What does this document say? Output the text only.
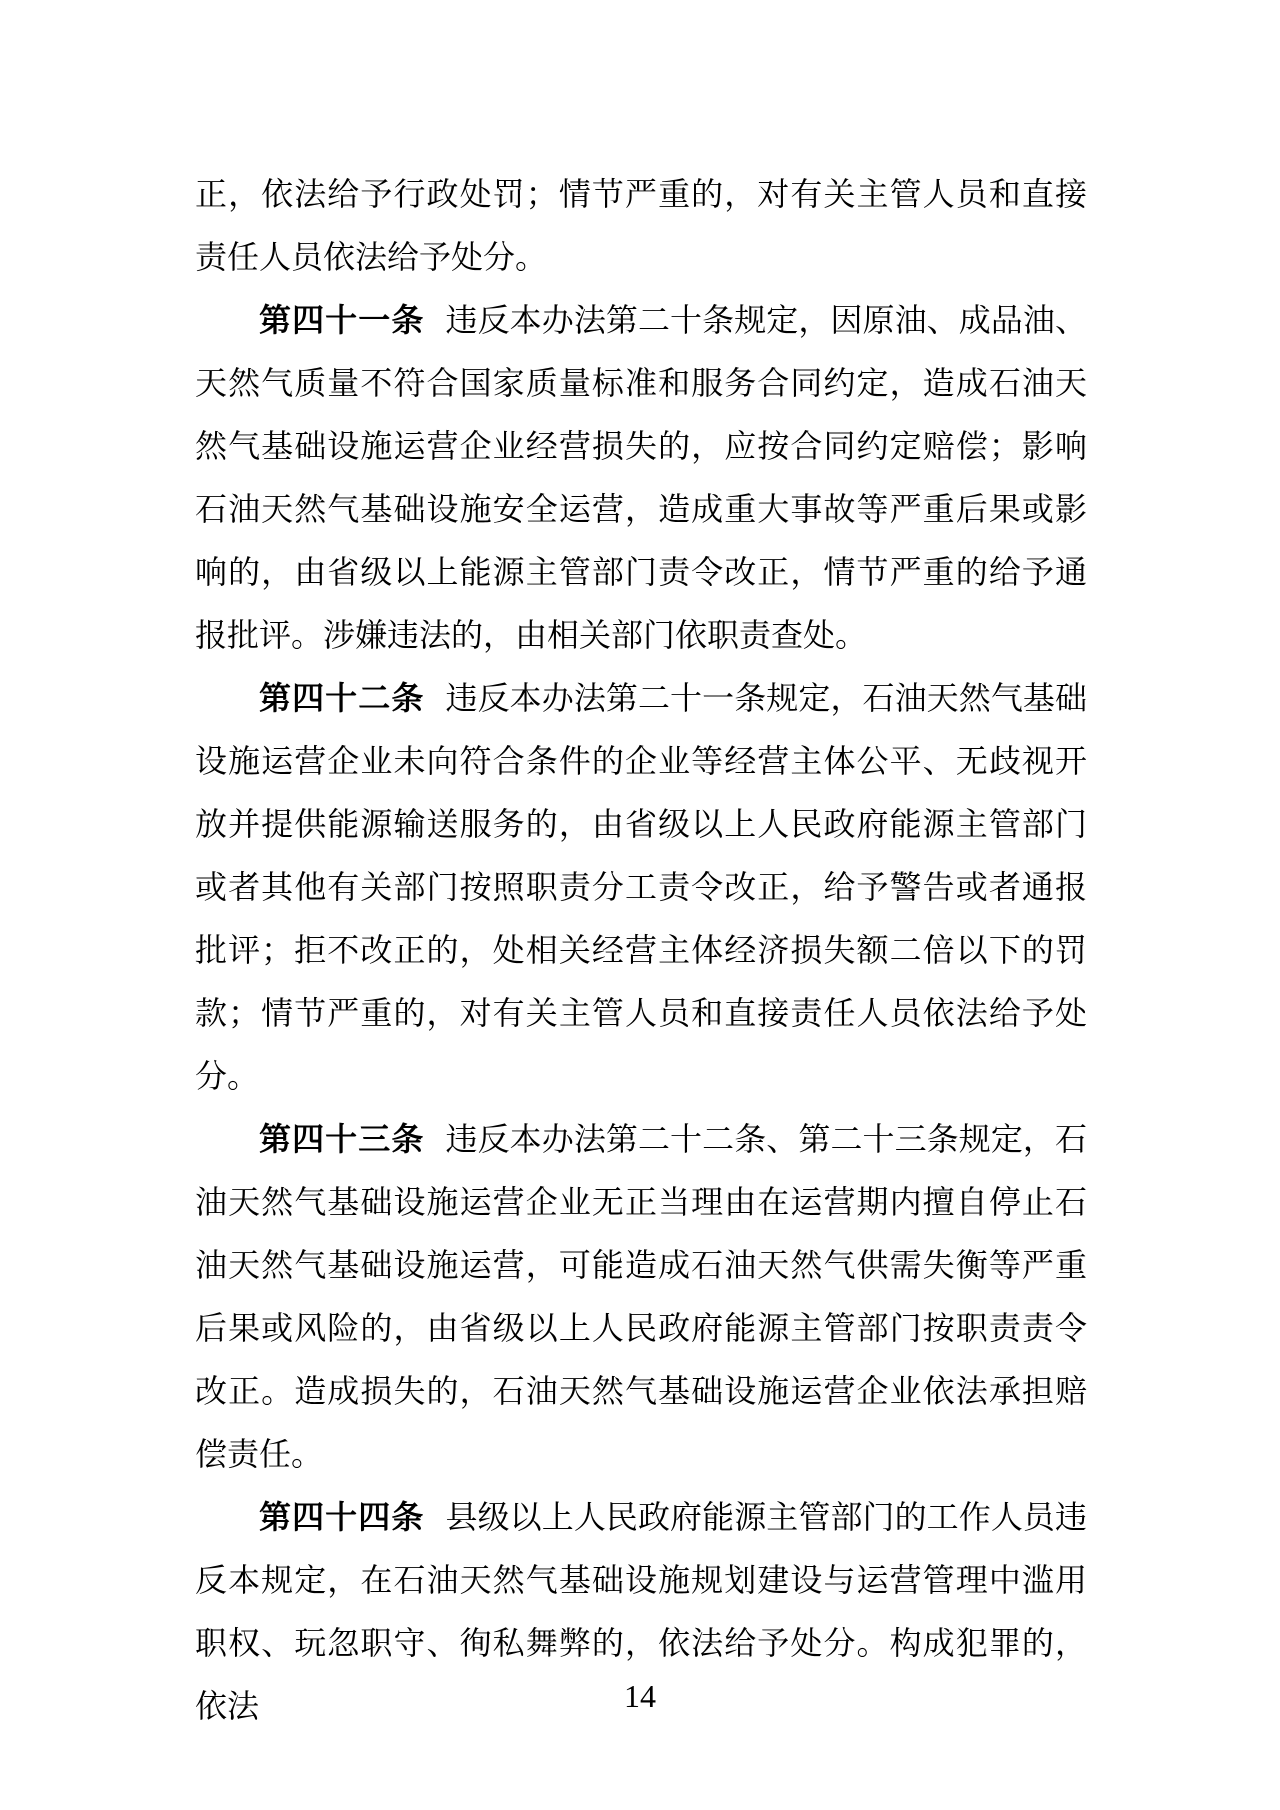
正，依法给予行政处罚；情节严重的，对有关主管人员和直接责任人员依法给予处分。

第四十一条 违反本办法第二十条规定，因原油、成品油、天然气质量不符合国家质量标准和服务合同约定，造成石油天然气基础设施运营企业经营损失的，应按合同约定赔偿；影响石油天然气基础设施安全运营，造成重大事故等严重后果或影响的，由省级以上能源主管部门责令改正，情节严重的给予通报批评。涉嫌违法的，由相关部门依职责查处。

第四十二条 违反本办法第二十一条规定，石油天然气基础设施运营企业未向符合条件的企业等经营主体公平、无歧视开放并提供能源输送服务的，由省级以上人民政府能源主管部门或者其他有关部门按照职责分工责令改正，给予警告或者通报批评；拒不改正的，处相关经营主体经济损失额二倍以下的罚款；情节严重的，对有关主管人员和直接责任人员依法给予处分。

第四十三条 违反本办法第二十二条、第二十三条规定，石油天然气基础设施运营企业无正当理由在运营期内擅自停止石油天然气基础设施运营，可能造成石油天然气供需失衡等严重后果或风险的，由省级以上人民政府能源主管部门按职责责令改正。造成损失的，石油天然气基础设施运营企业依法承担赔偿责任。

第四十四条 县级以上人民政府能源主管部门的工作人员违反本规定，在石油天然气基础设施规划建设与运营管理中滥用职权、玩忽职守、徇私舞弊的，依法给予处分。构成犯罪的，依法	14
